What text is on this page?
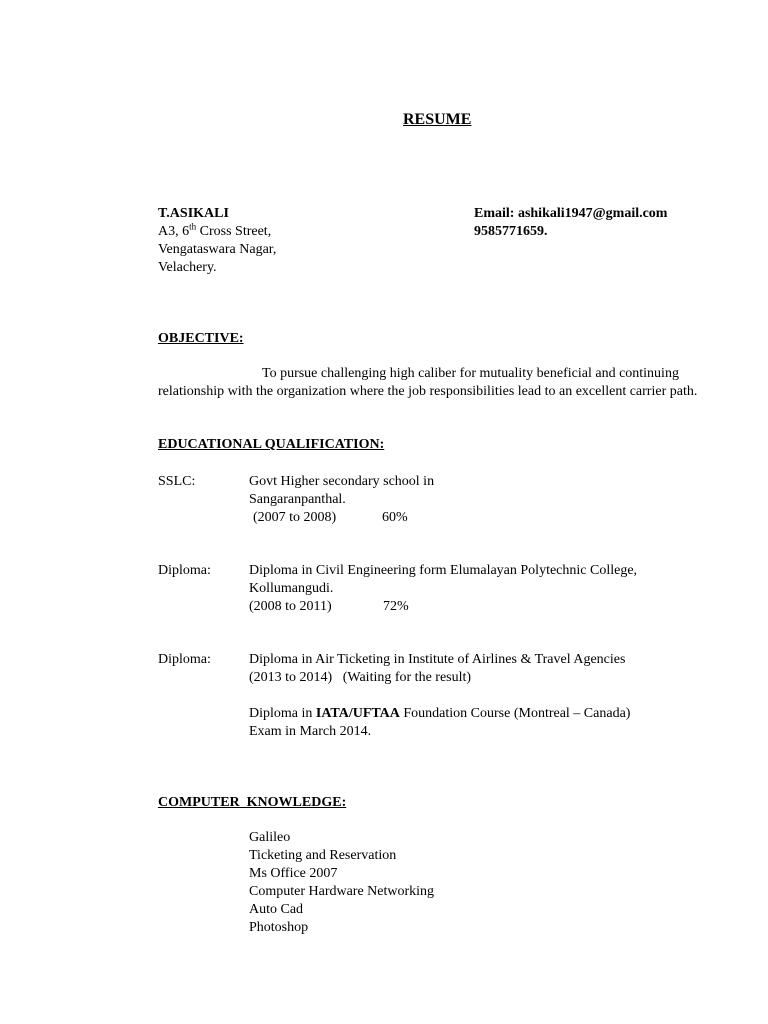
RESUME
T.ASIKALI
A3, 6th Cross Street,
Vengataswara Nagar,
Velachery.
Email: ashikali1947@gmail.com
9585771659.
OBJECTIVE:
To pursue challenging high caliber for mutuality beneficial and continuing
relationship with the organization where the job responsibilities lead to an excellent carrier path.
EDUCATIONAL QUALIFICATION:
SSLC:	Govt Higher secondary school in
Sangaranpanthal.
(2007 to 2008)	60%
Diploma:	Diploma in Civil Engineering form Elumalayan Polytechnic College,
Kollumangudi.
(2008 to 2011)	72%
Diploma:	Diploma in Air Ticketing in Institute of Airlines & Travel Agencies
(2013 to 2014)   (Waiting for the result)
Diploma in IATA/UFTAA Foundation Course (Montreal – Canada)
Exam in March 2014.
COMPUTER  KNOWLEDGE:
Galileo
Ticketing and Reservation
Ms Office 2007
Computer Hardware Networking
Auto Cad
Photoshop
